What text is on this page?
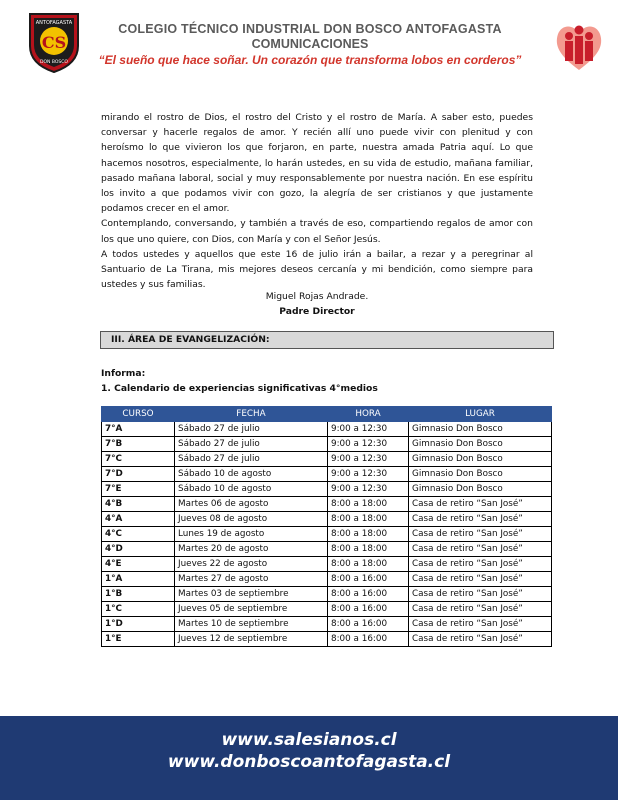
CS
ANTOFAGASTA
DON BOSCO
COLEGIO TÉCNICO INDUSTRIAL DON BOSCO ANTOFAGASTA
COMUNICACIONES
“El sueño que hace soñar. Un corazón que transforma lobos en corderos”

mirando el rostro de Dios, el rostro del Cristo y el rostro de María. A saber esto, puedes conversar y hacerle regalos de amor. Y recién allí uno puede vivir con plenitud y con heroísmo lo que vivieron los que forjaron, en parte, nuestra amada Patria aquí. Lo que hacemos nosotros, especialmente, lo harán ustedes, en su vida de estudio, mañana familiar, pasado mañana laboral, social y muy responsablemente por nuestra nación. En ese espíritu los invito a que podamos vivir con gozo, la alegría de ser cristianos y que justamente podamos crecer en el amor.

Contemplando, conversando, y también a través de eso, compartiendo regalos de amor con los que uno quiere, con Dios, con María y con el Señor Jesús.

A todos ustedes y aquellos que este 16 de julio irán a bailar, a rezar y a peregrinar al Santuario de La Tirana, mis mejores deseos cercanía y mi bendición, como siempre para ustedes y sus familias.

Miguel Rojas Andrade.
Padre Director
III. ÁREA DE EVANGELIZACIÓN:
Informa:
1. Calendario de experiencias significativas 4°medios
CURSO	FECHA	HORA	LUGAR
7°A	Sábado 27 de julio	9:00 a 12:30	Gimnasio Don Bosco
7°B	Sábado 27 de julio	9:00 a 12:30	Gimnasio Don Bosco
7°C	Sábado 27 de julio	9:00 a 12:30	Gimnasio Don Bosco
7°D	Sábado 10 de agosto	9:00 a 12:30	Gimnasio Don Bosco
7°E	Sábado 10 de agosto	9:00 a 12:30	Gimnasio Don Bosco
4°B	Martes 06 de agosto	8:00 a 18:00	Casa de retiro “San José”
4°A	Jueves 08 de agosto	8:00 a 18:00	Casa de retiro “San José”
4°C	Lunes 19 de agosto	8:00 a 18:00	Casa de retiro “San José”
4°D	Martes 20 de agosto	8:00 a 18:00	Casa de retiro “San José”
4°E	Jueves 22 de agosto	8:00 a 18:00	Casa de retiro “San José”
1°A	Martes 27 de agosto	8:00 a 16:00	Casa de retiro “San José”
1°B	Martes 03 de septiembre	8:00 a 16:00	Casa de retiro “San José”
1°C	Jueves 05 de septiembre	8:00 a 16:00	Casa de retiro “San José”
1°D	Martes 10 de septiembre	8:00 a 16:00	Casa de retiro “San José”
1°E	Jueves 12 de septiembre	8:00 a 16:00	Casa de retiro “San José”
www.salesianos.cl
www.donboscoantofagasta.cl
